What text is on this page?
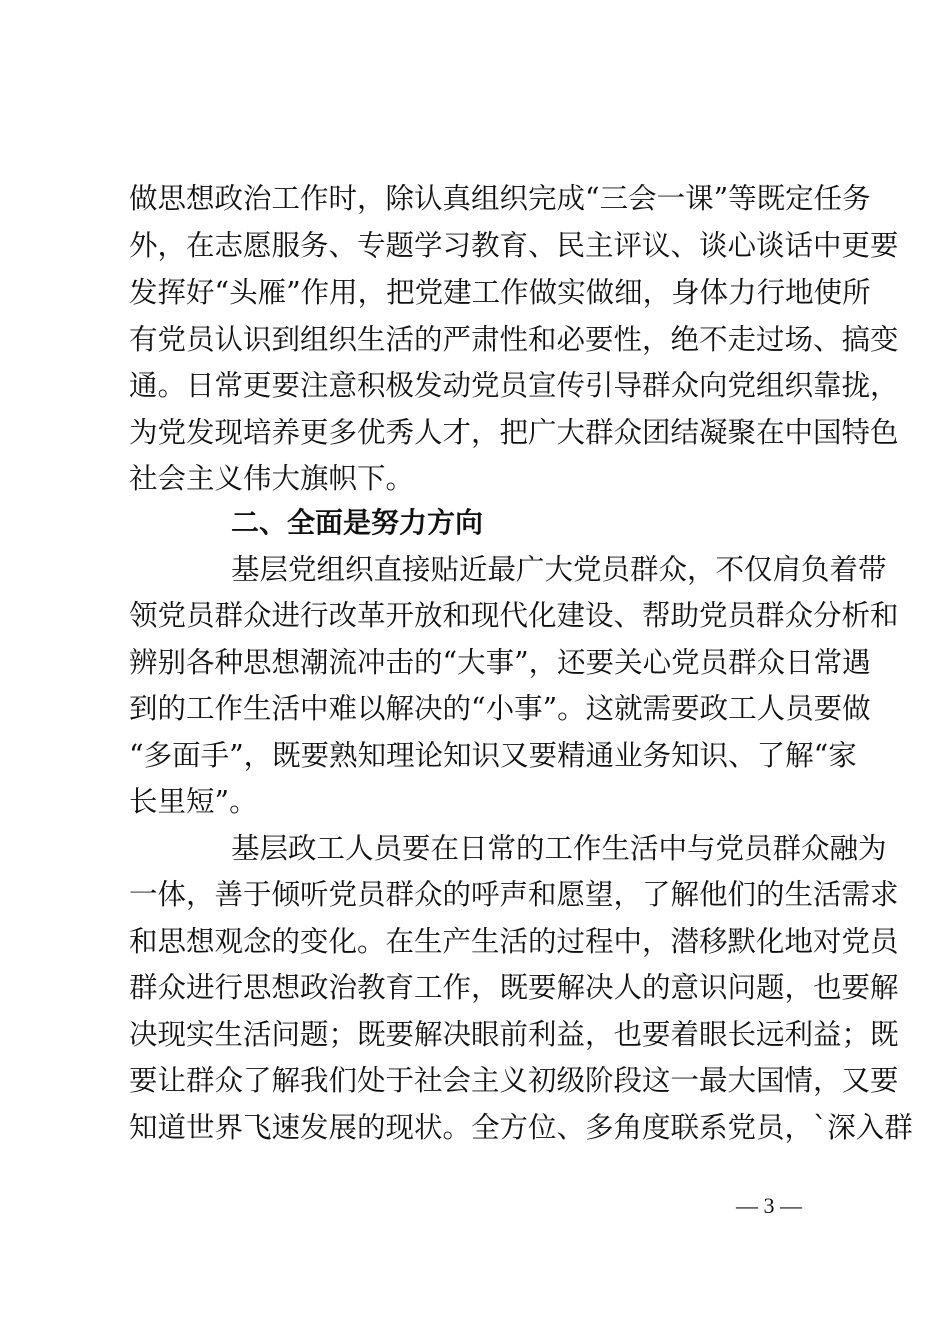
做思想政治工作时，除认真组织完成“三会一课”等既定任务
外，在志愿服务、专题学习教育、民主评议、谈心谈话中更要
发挥好“头雁”作用，把党建工作做实做细，身体力行地使所
有党员认识到组织生活的严肃性和必要性，绝不走过场、搞变
通。日常更要注意积极发动党员宣传引导群众向党组织靠拢，
为党发现培养更多优秀人才，把广大群众团结凝聚在中国特色
社会主义伟大旗帜下。
二、全面是努力方向
基层党组织直接贴近最广大党员群众，不仅肩负着带
领党员群众进行改革开放和现代化建设、帮助党员群众分析和
辨别各种思想潮流冲击的“大事”，还要关心党员群众日常遇
到的工作生活中难以解决的“小事”。这就需要政工人员要做
“多面手”，既要熟知理论知识又要精通业务知识、了解“家
长里短”。
基层政工人员要在日常的工作生活中与党员群众融为
一体，善于倾听党员群众的呼声和愿望，了解他们的生活需求
和思想观念的变化。在生产生活的过程中，潜移默化地对党员
群众进行思想政治教育工作，既要解决人的意识问题，也要解
决现实生活问题；既要解决眼前利益，也要着眼长远利益；既
要让群众了解我们处于社会主义初级阶段这一最大国情，又要
知道世界飞速发展的现状。全方位、多角度联系党员，`深入群
— 3 —
